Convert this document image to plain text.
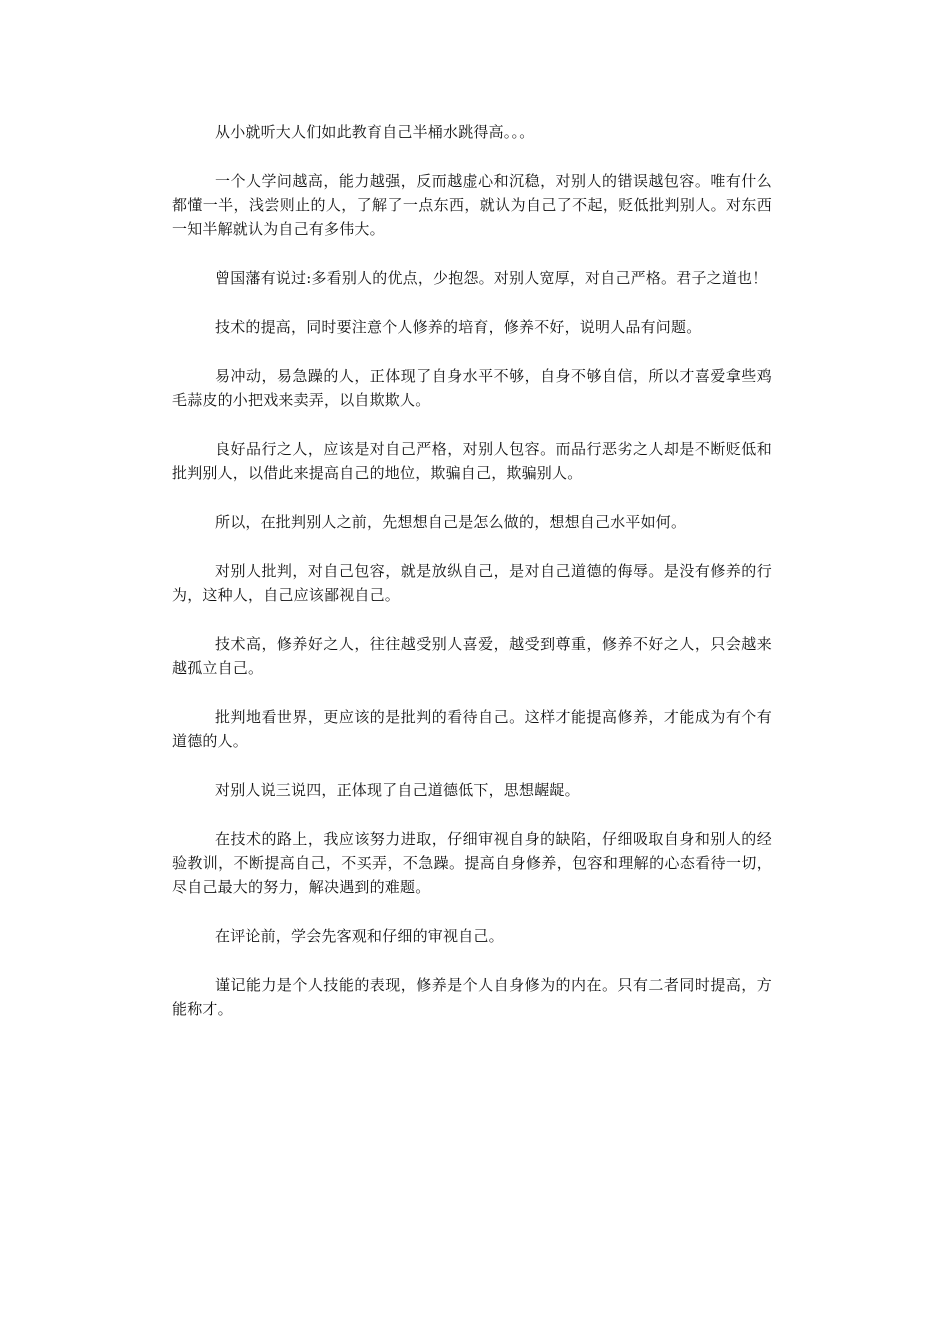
从小就听大人们如此教育自己半桶水跳得高。。。

一个人学问越高，能力越强，反而越虚心和沉稳，对别人的错误越包容。唯有什么都懂一半，浅尝则止的人，了解了一点东西，就认为自己了不起，贬低批判别人。对东西一知半解就认为自己有多伟大。

曾国藩有说过:多看别人的优点，少抱怨。对别人宽厚，对自己严格。君子之道也！

技术的提高，同时要注意个人修养的培育，修养不好，说明人品有问题。

易冲动，易急躁的人，正体现了自身水平不够，自身不够自信，所以才喜爱拿些鸡毛蒜皮的小把戏来卖弄，以自欺欺人。

良好品行之人，应该是对自己严格，对别人包容。而品行恶劣之人却是不断贬低和批判别人，以借此来提高自己的地位，欺骗自己，欺骗别人。

所以，在批判别人之前，先想想自己是怎么做的，想想自己水平如何。

对别人批判，对自己包容，就是放纵自己，是对自己道德的侮辱。是没有修养的行为，这种人，自己应该鄙视自己。

技术高，修养好之人，往往越受别人喜爱，越受到尊重，修养不好之人，只会越来越孤立自己。

批判地看世界，更应该的是批判的看待自己。这样才能提高修养，才能成为有个有道德的人。

对别人说三说四，正体现了自己道德低下，思想龌龊。

在技术的路上，我应该努力进取，仔细审视自身的缺陷，仔细吸取自身和别人的经验教训，不断提高自己，不买弄，不急躁。提高自身修养，包容和理解的心态看待一切，尽自己最大的努力，解决遇到的难题。

在评论前，学会先客观和仔细的审视自己。

谨记能力是个人技能的表现，修养是个人自身修为的内在。只有二者同时提高，方能称才。
